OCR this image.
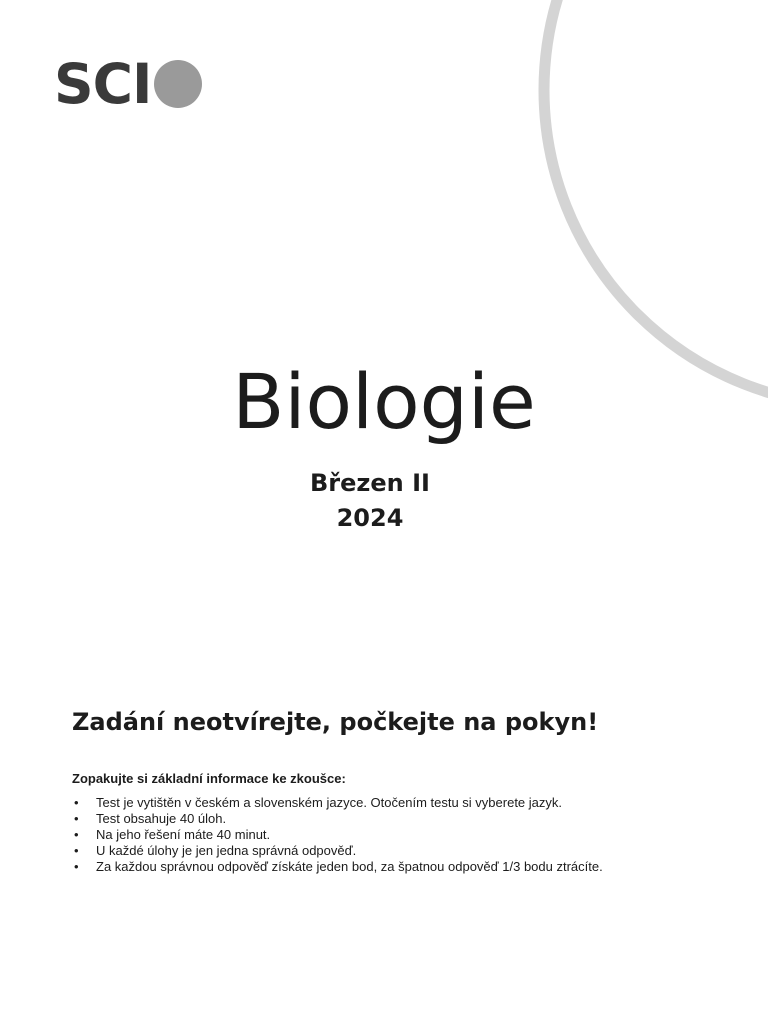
SCI
Biologie
Březen II
2024
Zadání neotvírejte, počkejte na pokyn!
Zopakujte si základní informace ke zkoušce:
• Test je vytištěn v českém a slovenském jazyce. Otočením testu si vyberete jazyk.
• Test obsahuje 40 úloh.
• Na jeho řešení máte 40 minut.
• U každé úlohy je jen jedna správná odpověď.
• Za každou správnou odpověď získáte jeden bod, za špatnou odpověď 1/3 bodu ztrácíte.
